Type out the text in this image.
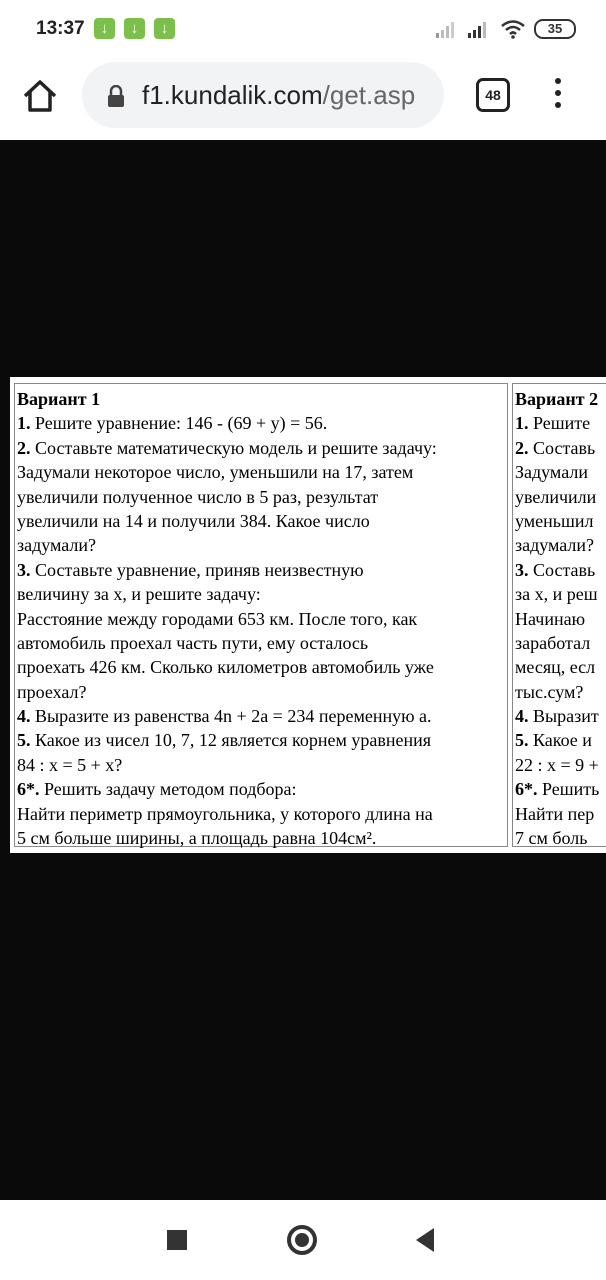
13:37	↓	↓	↓	35
f1.kundalik.com/get.asp	48
Вариант 1
1. Решите уравнение: 146 - (69 + у) = 56.
2. Составьте математическую модель и решите задачу:
Задумали некоторое число, уменьшили на 17, затем
увеличили полученное число в 5 раз, результат
увеличили на 14 и получили 384. Какое число
задумали?
3. Составьте уравнение, приняв неизвестную
величину за x, и решите задачу:
Расстояние между городами 653 км. После того, как
автомобиль проехал часть пути, ему осталось
проехать 426 км. Сколько километров автомобиль уже
проехал?
4. Выразите из равенства 4n + 2a = 234 переменную a.
5. Какое из чисел 10, 7, 12 является корнем уравнения
84 : x = 5 + x?
6*. Решить задачу методом подбора:
Найти периметр прямоугольника, у которого длина на
5 см больше ширины, а площадь равна 104см².
Вариант 2
1. Решите
2. Составь
Задумали
увеличили
уменьшил
задумали?
3. Составь
за x, и реш
Начинаю
заработал
месяц, есл
тыс.сум?
4. Выразит
5. Какое и
22 : x = 9 +
6*. Решить
Найти пер
7 см боль
